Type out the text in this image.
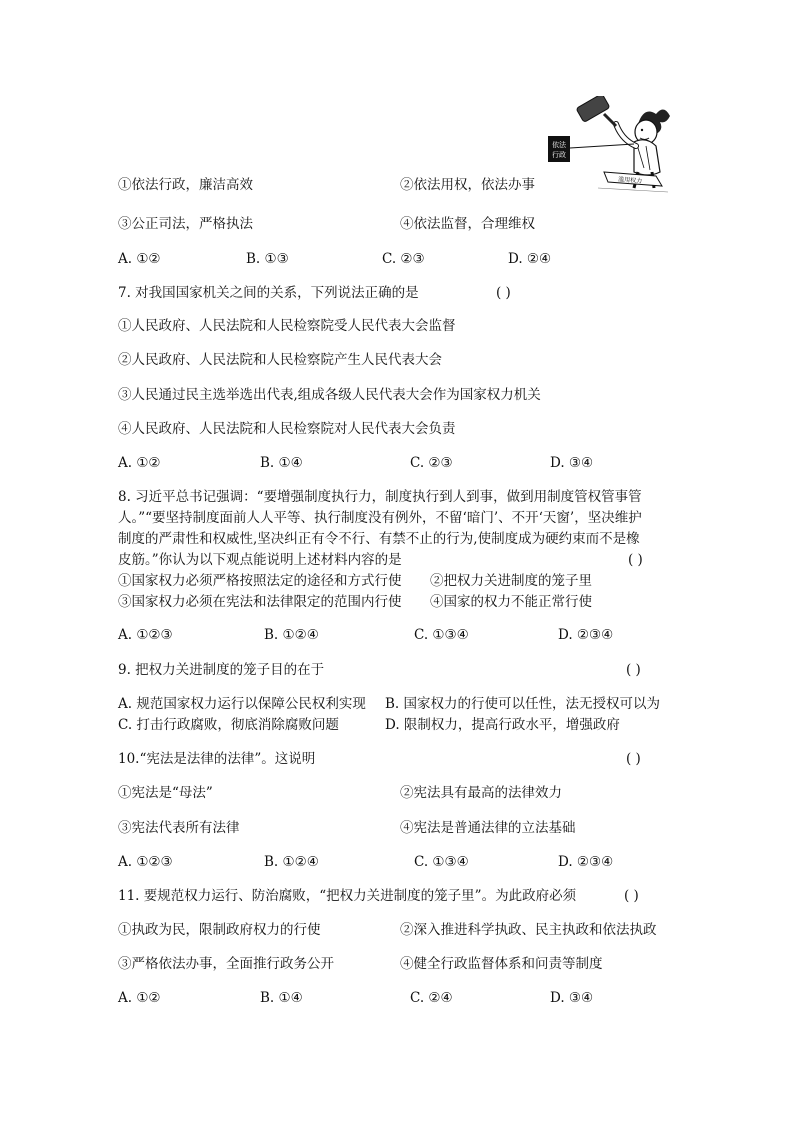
依法
行政
滥用权力
①依法行政，廉洁高效	②依法用权，依法办事
③公正司法，严格执法	④依法监督，合理维权
A. ①②	B. ①③	C. ②③	D. ②④
7. 对我国国家机关之间的关系，下列说法正确的是	( )
①人民政府、人民法院和人民检察院受人民代表大会监督
②人民政府、人民法院和人民检察院产生人民代表大会
③人民通过民主选举选出代表,组成各级人民代表大会作为国家权力机关
④人民政府、人民法院和人民检察院对人民代表大会负责
A. ①②	B. ①④	C. ②③	D. ③④
8. 习近平总书记强调：“要增强制度执行力，制度执行到人到事，做到用制度管权管事管
人。”“要坚持制度面前人人平等、执行制度没有例外，不留‘暗门’、不开‘天窗’，坚决维护
制度的严肃性和权威性,坚决纠正有令不行、有禁不止的行为,使制度成为硬约束而不是橡
皮筋。”你认为以下观点能说明上述材料内容的是	( )
①国家权力必须严格按照法定的途径和方式行使 ②把权力关进制度的笼子里
③国家权力必须在宪法和法律限定的范围内行使 ④国家的权力不能正常行使
A. ①②③	B. ①②④	C. ①③④	D. ②③④
9. 把权力关进制度的笼子目的在于	( )
A. 规范国家权力运行以保障公民权利实现 B. 国家权力的行使可以任性，法无授权可以为
C. 打击行政腐败，彻底消除腐败问题	D. 限制权力，提高行政水平，增强政府
10.“宪法是法律的法律”。这说明	( )
①宪法是“母法”	②宪法具有最高的法律效力
③宪法代表所有法律	④宪法是普通法律的立法基础
A. ①②③	B. ①②④	C. ①③④	D. ②③④
11. 要规范权力运行、防治腐败，“把权力关进制度的笼子里”。为此政府必须	( )
①执政为民，限制政府权力的行使	②深入推进科学执政、民主执政和依法执政
③严格依法办事，全面推行政务公开	④健全行政监督体系和问责等制度
A. ①②	B. ①④	C. ②④	D. ③④
